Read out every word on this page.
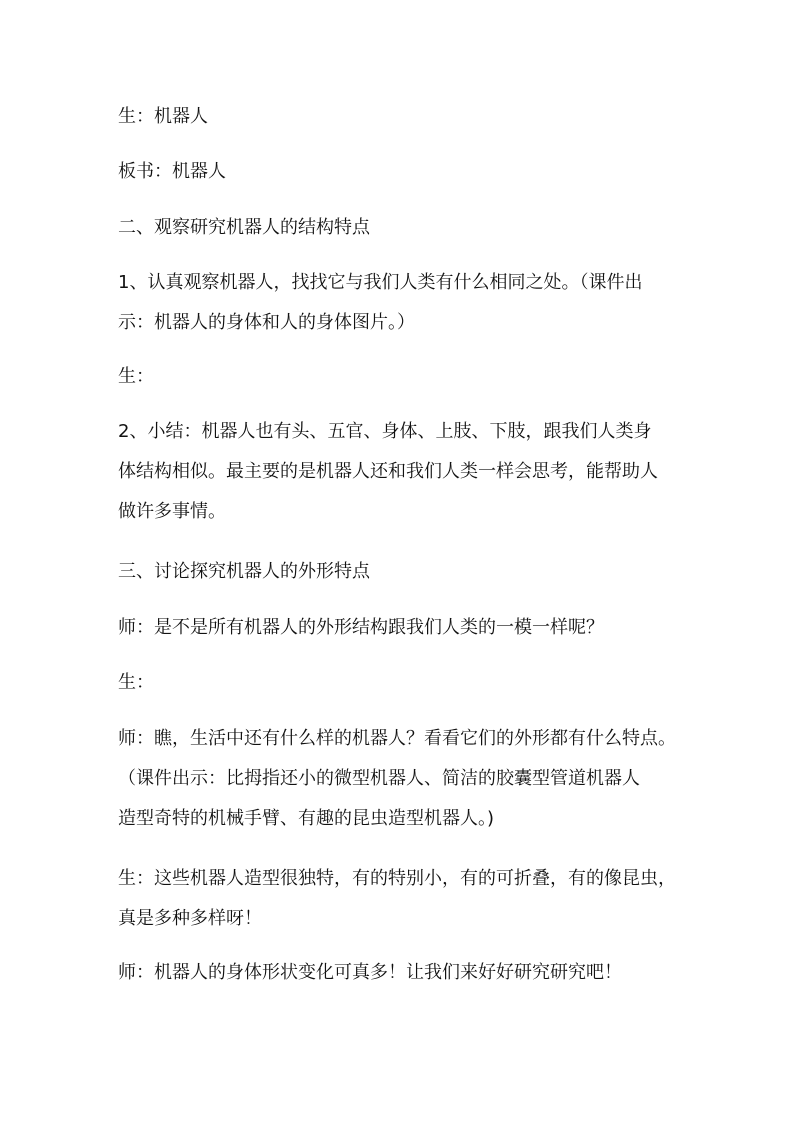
生：机器人

板书：机器人

二、观察研究机器人的结构特点

1、认真观察机器人，找找它与我们人类有什么相同之处。（课件出
示：机器人的身体和人的身体图片。）

生：

2、小结：机器人也有头、五官、身体、上肢、下肢，跟我们人类身
体结构相似。最主要的是机器人还和我们人类一样会思考，能帮助人
做许多事情。

三、讨论探究机器人的外形特点

师：是不是所有机器人的外形结构跟我们人类的一模一样呢？

生：

师：瞧，生活中还有什么样的机器人？看看它们的外形都有什么特点。
（课件出示：比拇指还小的微型机器人、简洁的胶囊型管道机器人
造型奇特的机械手臂、有趣的昆虫造型机器人。)

生：这些机器人造型很独特，有的特别小，有的可折叠，有的像昆虫，
真是多种多样呀！

师：机器人的身体形状变化可真多！让我们来好好研究研究吧！
